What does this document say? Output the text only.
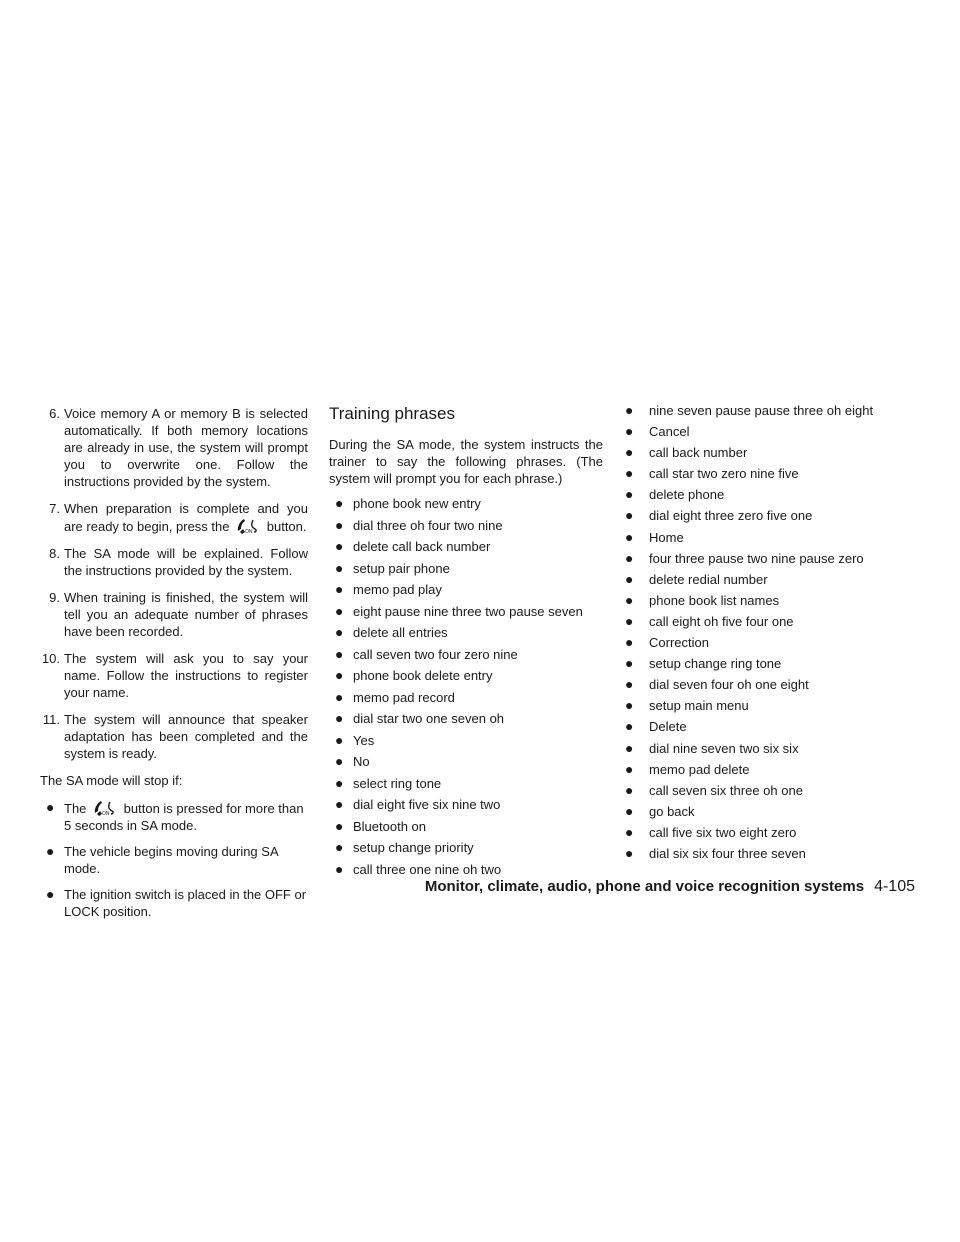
6. Voice memory A or memory B is selected automatically. If both memory locations are already in use, the system will prompt you to overwrite one. Follow the instructions provided by the system.
7. When preparation is complete and you are ready to begin, press the	button.
8. The SA mode will be explained. Follow the instructions provided by the system.
9. When training is finished, the system will tell you an adequate number of phrases have been recorded.
10. The system will ask you to say your name. Follow the instructions to register your name.
11. The system will announce that speaker adaptation has been completed and the system is ready.

The SA mode will stop if:

● The	button is pressed for more than 5 seconds in SA mode.
● The vehicle begins moving during SA mode.
● The ignition switch is placed in the OFF or LOCK position.
Training phrases

During the SA mode, the system instructs the trainer to say the following phrases. (The system will prompt you for each phrase.)

● phone book new entry
● dial three oh four two nine
● delete call back number
● setup pair phone
● memo pad play
● eight pause nine three two pause seven
● delete all entries
● call seven two four zero nine
● phone book delete entry
● memo pad record
● dial star two one seven oh
● Yes
● No
● select ring tone
● dial eight five six nine two
● Bluetooth on
● setup change priority
● call three one nine oh two
● nine seven pause pause three oh eight
● Cancel
● call back number
● call star two zero nine five
● delete phone
● dial eight three zero five one
● Home
● four three pause two nine pause zero
● delete redial number
● phone book list names
● call eight oh five four one
● Correction
● setup change ring tone
● dial seven four oh one eight
● setup main menu
● Delete
● dial nine seven two six six
● memo pad delete
● call seven six three oh one
● go back
● call five six two eight zero
● dial six six four three seven
Monitor, climate, audio, phone and voice recognition systems 4-105
